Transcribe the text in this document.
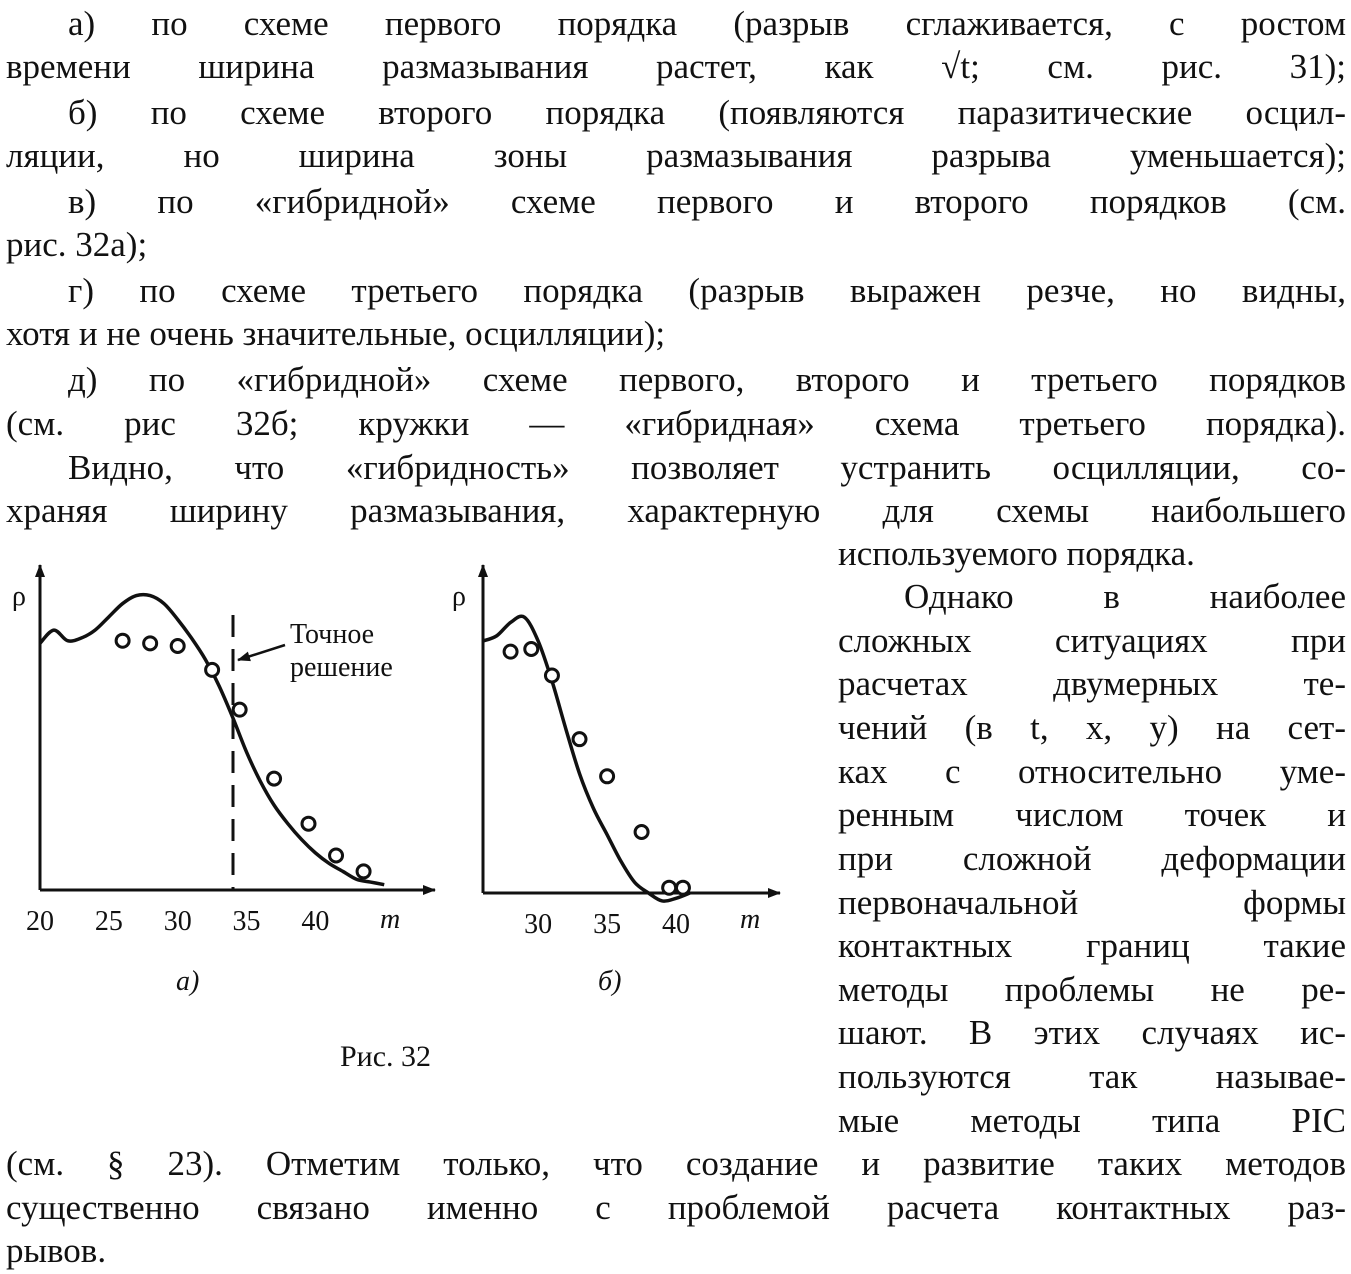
а) по схеме первого порядка (разрыв сглаживается, с ростом
времени ширина размазывания растет, как √t; см. рис. 31);
б) по схеме второго порядка (появляются паразитические осцил-
ляции, но ширина зоны размазывания разрыва уменьшается);
в) по «гибридной» схеме первого и второго порядков (см.
рис. 32а);
г) по схеме третьего порядка (разрыв выражен резче, но видны,
хотя и не очень значительные, осцилляции);
д) по «гибридной» схеме первого, второго и третьего порядков
(см. рис 32б; кружки — «гибридная» схема третьего порядка).
Видно, что «гибридность» позволяет устранить осцилляции, со-
храняя ширину размазывания, характерную для схемы наибольшего
используемого порядка.
Однако в наиболее
сложных ситуациях при
расчетах двумерных те-
чений (в t, x, y) на сет-
ках с относительно уме-
ренным числом точек и
при сложной деформации
первоначальной формы
контактных границ такие
методы проблемы не ре-
шают. В этих случаях ис-
пользуются так называе-
мые методы типа PIC
(см. § 23). Отметим только, что создание и развитие таких методов
существенно связано именно с проблемой расчета контактных раз-
рывов.
ρ
m
20 25 30 35 40
Точное
решение
а)
ρ
m
30 35 40
б)
Рис. 32
